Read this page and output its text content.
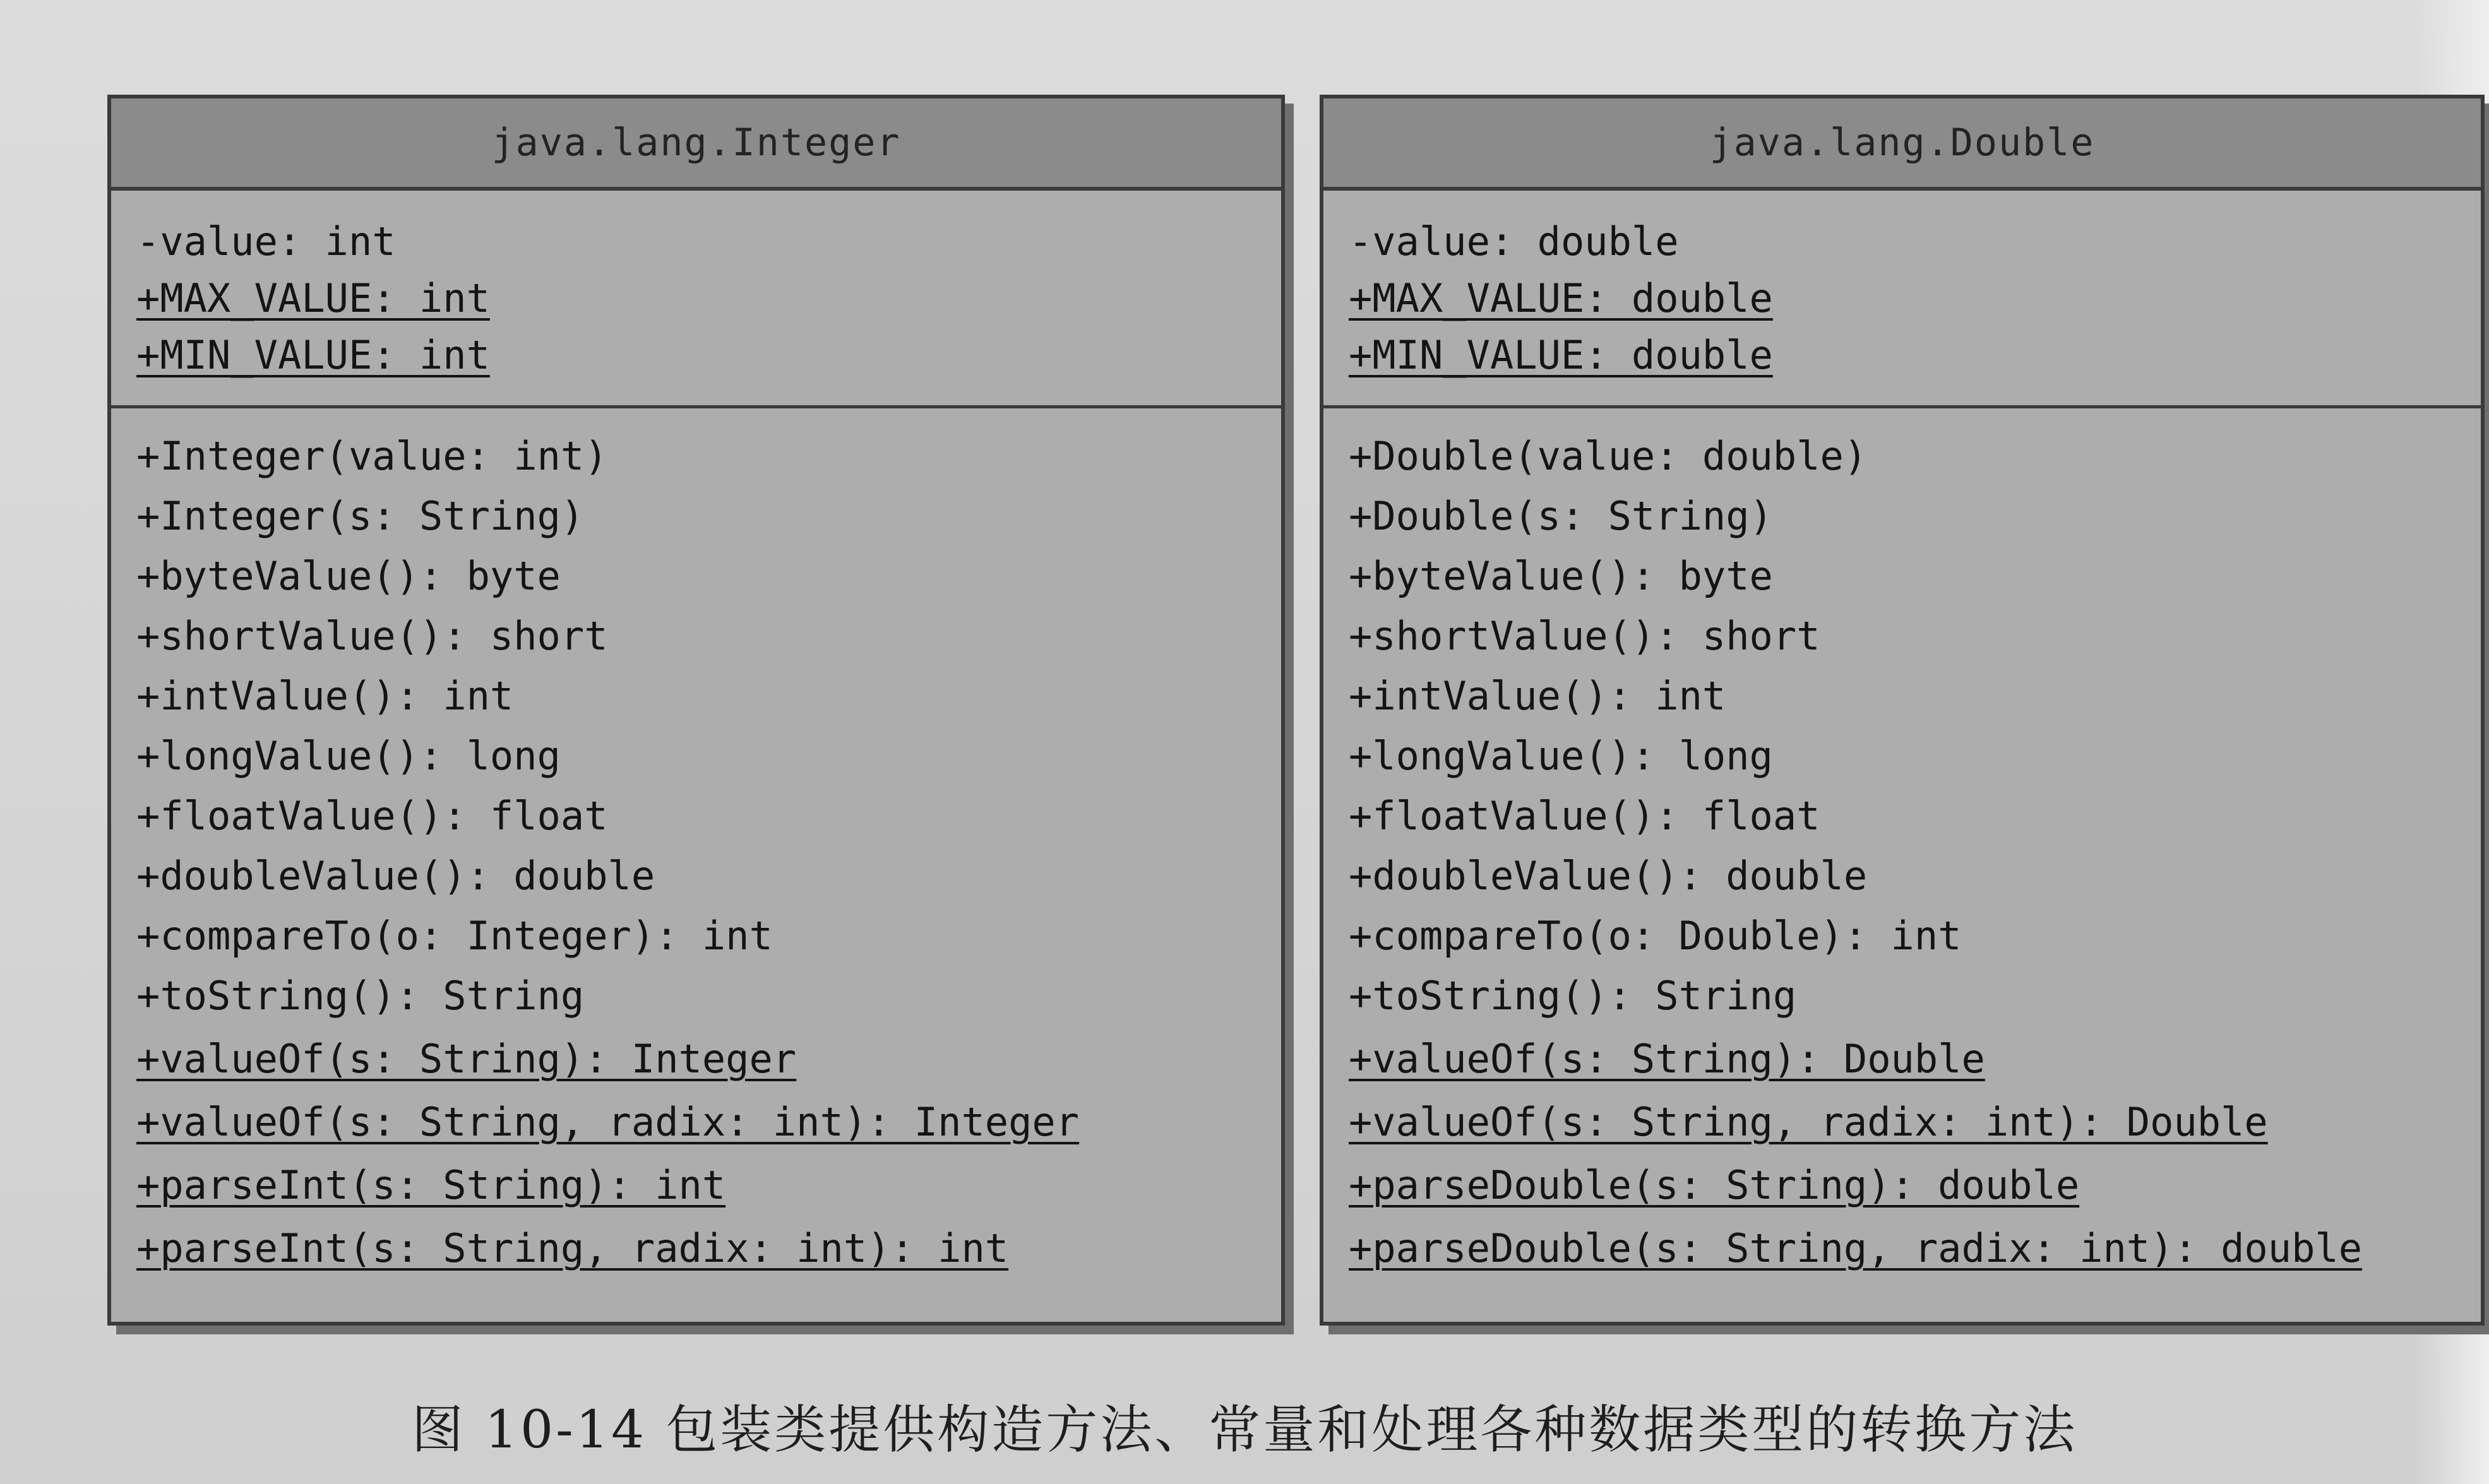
java.lang.Integer
-value: int
+MAX_VALUE: int
+MIN_VALUE: int
+Integer(value: int)
+Integer(s: String)
+byteValue(): byte
+shortValue(): short
+intValue(): int
+longValue(): long
+floatValue(): float
+doubleValue(): double
+compareTo(o: Integer): int
+toString(): String
+valueOf(s: String): Integer
+valueOf(s: String, radix: int): Integer
+parseInt(s: String): int
+parseInt(s: String, radix: int): int
java.lang.Double
-value: double
+MAX_VALUE: double
+MIN_VALUE: double
+Double(value: double)
+Double(s: String)
+byteValue(): byte
+shortValue(): short
+intValue(): int
+longValue(): long
+floatValue(): float
+doubleValue(): double
+compareTo(o: Double): int
+toString(): String
+valueOf(s: String): Double
+valueOf(s: String, radix: int): Double
+parseDouble(s: String): double
+parseDouble(s: String, radix: int): double
图 10-14 包装类提供构造方法、常量和处理各种数据类型的转换方法
